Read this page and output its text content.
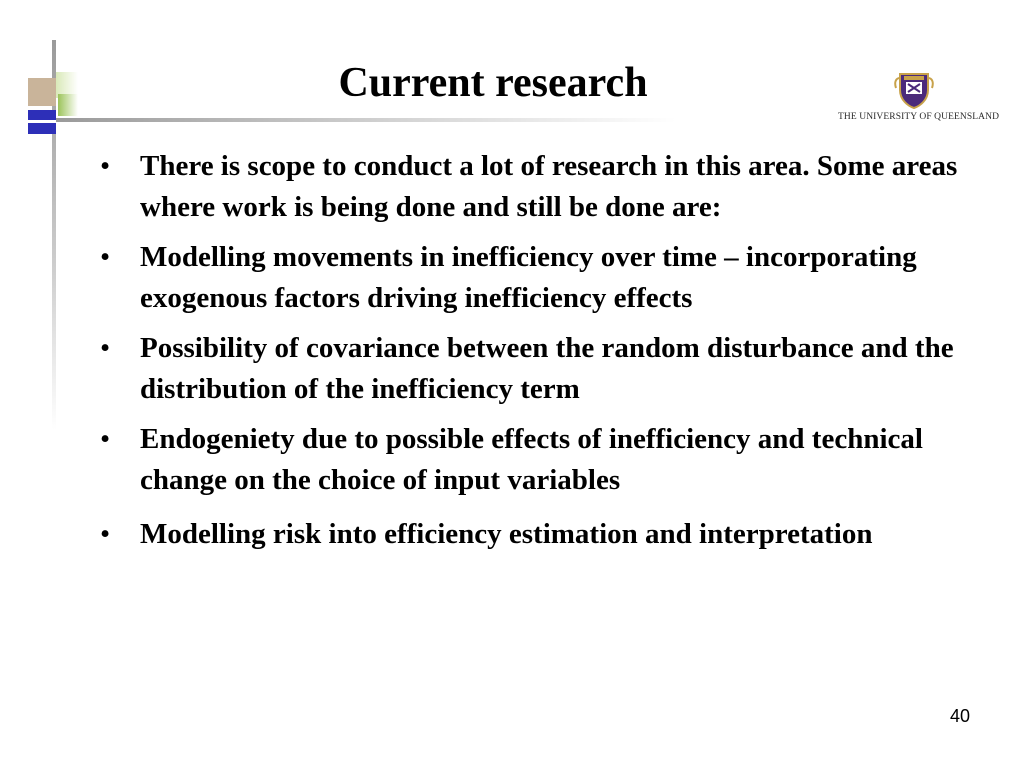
Current research
THE UNIVERSITY OF QUEENSLAND
• There is scope to conduct a lot of research in this area. Some areas where work is being done and still be done are:
• Modelling movements in inefficiency over time – incorporating exogenous factors driving inefficiency effects
• Possibility of covariance between the random disturbance and the distribution of the inefficiency term
• Endogeniety due to possible effects of inefficiency and technical change on the choice of input variables
• Modelling risk into efficiency estimation and interpretation
40
